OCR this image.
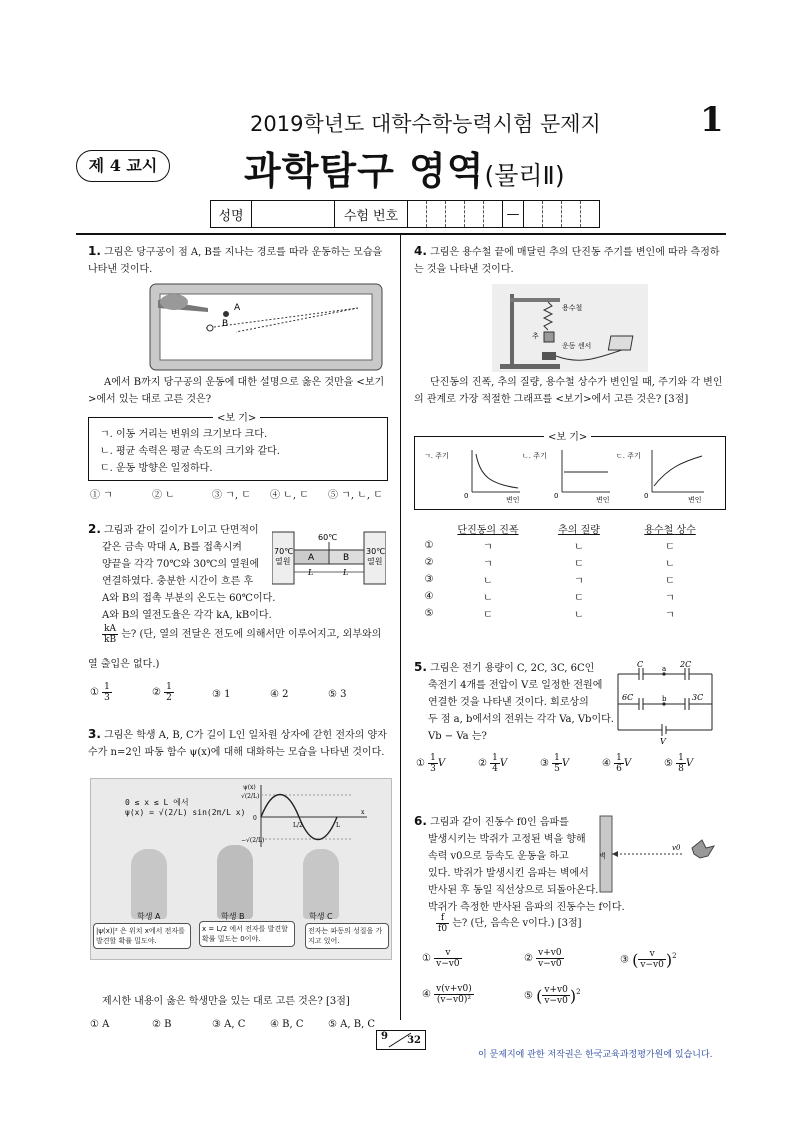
2019학년도 대학수학능력시험 문제지	1
제 4 교시	과학탐구 영역(물리Ⅱ)
성명		수험 번호						—				
1. 그림은 당구공이 점 A, B를 지나는 경로를 따라 운동하는 모습을 나타낸 것이다.
A
B
A에서 B까지 당구공의 운동에 대한 설명으로 옳은 것만을 <보기>에서 있는 대로 고른 것은?
<보 기>
ㄱ. 이동 거리는 변위의 크기보다 크다.
ㄴ. 평균 속력은 평균 속도의 크기와 같다.
ㄷ. 운동 방향은 일정하다.
① ㄱ	② ㄴ	③ ㄱ, ㄷ ④ ㄴ, ㄷ ⑤ ㄱ, ㄴ, ㄷ
2. 그림과 같이 길이가 L이고 단면적이
같은 금속 막대 A, B를 접촉시켜
양끝을 각각 70℃와 30℃의 열원에
연결하였다. 충분한 시간이 흐른 후
A와 B의 접촉 부분의 온도는 60℃이다.
A와 B의 열전도율은 각각 kA, kB이다.
60℃
70℃
열원
30℃
열원
A	B
L	L
$\frac{kA}{kB}$ 는? (단, 열의 전달은 전도에 의해서만 이루어지고, 외부와의
열 출입은 없다.)
① $\frac{1}{3}$	② $\frac{1}{2}$	③ 1	④ 2	⑤ 3
3. 그림은 학생 A, B, C가 길이 L인 일차원 상자에 갇힌 전자의 양자수가 n=2인 파동 함수 ψ(x)에 대해 대화하는 모습을 나타낸 것이다.
0 ≤ x ≤ L 에서
ψ(x) = √(2/L) sin(2π/L x)
ψ(x)
√(2/L)
0
−√(2/L)
L/2	L
x
학생 A	학생 B	학생 C
|ψ(x)|² 은 위치 x에서 전자를 발견할 확률 밀도야.
x = L/2 에서 전자를 발견할 확률 밀도는 0이야.
전자는 파동의 성질을 가지고 있어.
제시한 내용이 옳은 학생만을 있는 대로 고른 것은? [3점]
① A	② B	③ A, C ④ B, C ⑤ A, B, C
4. 그림은 용수철 끝에 매달린 추의 단진동 주기를 변인에 따라 측정하는 것을 나타낸 것이다.
용수철
추
운동 센서
단진동의 진폭, 추의 질량, 용수철 상수가 변인일 때, 주기와 각 변인의 관계로 가장 적절한 그래프를 <보기>에서 고른 것은? [3점]
<보 기>
ㄱ. 주기
0	변인
ㄴ. 주기
0	변인
ㄷ. 주기
0	변인
	단진동의 진폭	추의 질량	용수철 상수
①	ㄱ	ㄴ	ㄷ
②	ㄱ	ㄷ	ㄴ
③	ㄴ	ㄱ	ㄷ
④	ㄴ	ㄷ	ㄱ
⑤	ㄷ	ㄴ	ㄱ
5. 그림은 전기 용량이 C, 2C, 3C, 6C인
축전기 4개를 전압이 V로 일정한 전원에
연결한 것을 나타낸 것이다. 회로상의
두 점 a, b에서의 전위는 각각 Va, Vb이다.
Vb − Va 는?
C	a 2C
6C	b	3C
V
① $\frac{1}{3}$ V	② $\frac{1}{4}$ V	③ $\frac{1}{5}$ V	④ $\frac{1}{6}$ V	⑤ $\frac{1}{8}$ V
6. 그림과 같이 진동수 f0인 음파를
발생시키는 박쥐가 고정된 벽을 향해
속력 v0으로 등속도 운동을 하고
있다. 박쥐가 발생시킨 음파는 벽에서
반사된 후 동일 직선상으로 되돌아온다.
박쥐가 측정한 반사된 음파의 진동수는 f이다.
벽
v0
$\frac{f}{f0}$ 는? (단, 음속은 v이다.) [3점]
① $\frac{v}{v-v0}$	② $\frac{v+v0}{v-v0}$	③ ( $\frac{v}{v-v0} )^2$
④ $\frac{v(v+v0)}{\text{(v−v0)²}}$	⑤ ( $\frac{v+v0}{v-v0} )^2$
9 32
이 문제지에 관한 저작권은 한국교육과정평가원에 있습니다.
